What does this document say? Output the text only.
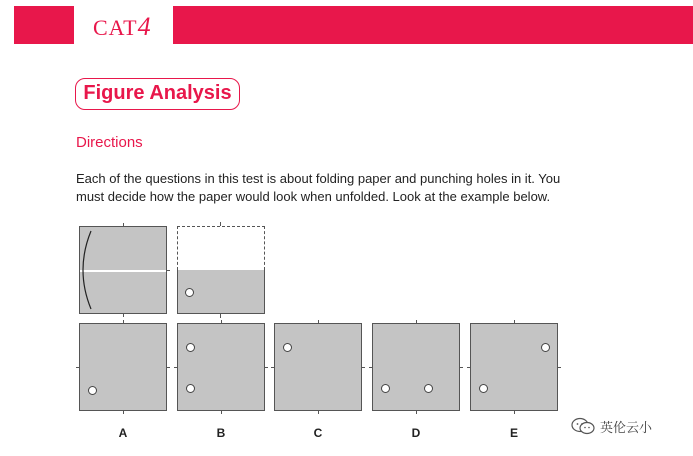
CAT4
Figure Analysis
Directions
Each of the questions in this test is about folding paper and punching holes in it. You
must decide how the paper would look when unfolded. Look at the example below.
A	B	C	D	E	英伦云小
